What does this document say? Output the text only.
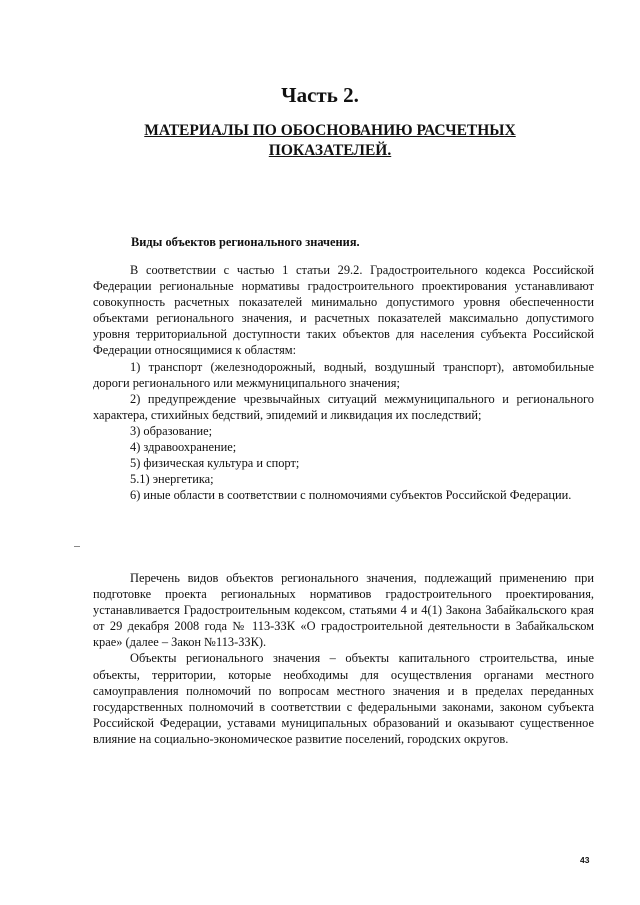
Часть 2.
МАТЕРИАЛЫ ПО ОБОСНОВАНИЮ РАСЧЕТНЫХ ПОКАЗАТЕЛЕЙ.
Виды объектов регионального значения.

В соответствии с частью 1 статьи 29.2. Градостроительного кодекса Российской Федерации региональные нормативы градостроительного проектирования устанавливают совокупность расчетных показателей минимально допустимого уровня обеспеченности объектами регионального значения, и расчетных показателей максимально допустимого уровня территориальной доступности таких объектов для населения субъекта Российской Федерации относящимися к областям:

1) транспорт (железнодорожный, водный, воздушный транспорт), автомобильные дороги регионального или межмуниципального значения;

2) предупреждение чрезвычайных ситуаций межмуниципального и регионального характера, стихийных бедствий, эпидемий и ликвидация их последствий;

3) образование;

4) здравоохранение;

5) физическая культура и спорт;

5.1) энергетика;

6) иные области в соответствии с полномочиями субъектов Российской Федерации.

Перечень видов объектов регионального значения, подлежащий применению при подготовке проекта региональных нормативов градостроительного проектирования, устанавливается Градостроительным кодексом, статьями 4 и 4(1) Закона Забайкальского края от 29 декабря 2008 года № 113-ЗЗК «О градостроительной деятельности в Забайкальском крае» (далее – Закон №113-ЗЗК).

Объекты регионального значения – объекты капитального строительства, иные объекты, территории, которые необходимы для осуществления органами местного самоуправления полномочий по вопросам местного значения и в пределах переданных государственных полномочий в соответствии с федеральными законами, законом субъекта Российской Федерации, уставами муниципальных образований и оказывают существенное влияние на социально-экономическое развитие поселений, городских округов.

43
